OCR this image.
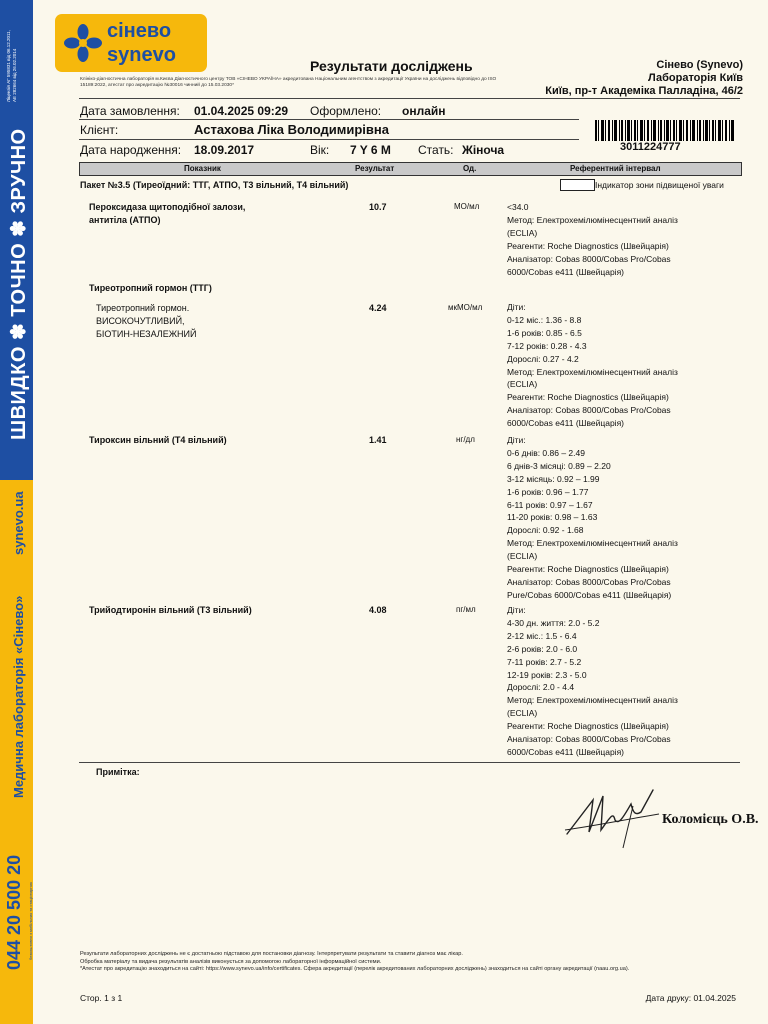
Ліцензія АГ 595831 від 06.12.2011,
АЕ 282664 від 26.02.2014
ШВИДКО ✽ ТОЧНО ✽ ЗРУЧНО
synevo.ua
Медична лабораторія «Сінево»
044 20 500 20 безкоштовно з мобільних та стаціонарних
сінево
synevo	Результати досліджень
Клініко-діагностична лабораторія м.Києва Діагностичного центру ТОВ «СІНЕВО УКРАЇНА» акредитована Національним агентством з акредитації України на досліджень відповідно до ISO 15189:2022, атестат про акредитацію №30016 чинний до 15.03.2030*
Сінево (Synevo)
Лабораторія Київ
Київ, пр-т Академіка Палладіна, 46/2
Дата замовлення: 01.04.2025 09:29 Оформлено: онлайн
Клієнт:	Астахова Ліка Володимирівна
Дата народження: 18.09.2017	Вік: 7 Y 6 M Стать: Жіноча	3011224777
Показник	Результат	Од.	Референтний інтервал
Пакет №3.5 (Тиреоїдний: ТТГ, АТПО, Т3 вільний, Т4 вільний)	Індикатор зони підвищеної уваги
Пероксидаза щитоподібної залози,
антитіла (АТПО)
10.7	МО/мл	<34.0
Метод: Електрохемілюмінесцентний аналіз
(ECLIA)
Реагенти: Roche Diagnostics (Швейцарія)
Аналізатор: Cobas 8000/Cobas Pro/Cobas
6000/Cobas e411 (Швейцарія)
Тиреотропний гормон (ТТГ)
Тиреотропний гормон.
ВИСОКОЧУТЛИВИЙ,
БІОТИН-НЕЗАЛЕЖНИЙ
4.24	мкМО/мл	Діти:
0-12 міс.: 1.36 - 8.8
1-6 років: 0.85 - 6.5
7-12 років: 0.28 - 4.3
Дорослі: 0.27 - 4.2
Метод: Електрохемілюмінесцентний аналіз
(ECLIA)
Реагенти: Roche Diagnostics (Швейцарія)
Аналізатор: Cobas 8000/Cobas Pro/Cobas
6000/Cobas e411 (Швейцарія)
Тироксин вільний (Т4 вільний)	1.41	нг/дл	Діти:
0-6 днів: 0.86 – 2.49
6 днів-3 місяці: 0.89 – 2.20
3-12 місяць: 0.92 – 1.99
1-6 років: 0.96 – 1.77
6-11 років: 0.97 – 1.67
11-20 років: 0.98 – 1.63
Дорослі: 0.92 - 1.68
Метод: Електрохемілюмінесцентний аналіз
(ECLIA)
Реагенти: Roche Diagnostics (Швейцарія)
Аналізатор: Cobas 8000/Cobas Pro/Cobas
Pure/Cobas 6000/Cobas e411 (Швейцарія)
Трийодтиронін вільний (Т3 вільний)	4.08	пг/мл	Діти:
4-30 дн. життя: 2.0 - 5.2
2-12 міс.: 1.5 - 6.4
2-6 років: 2.0 - 6.0
7-11 років: 2.7 - 5.2
12-19 років: 2.3 - 5.0
Дорослі: 2.0 - 4.4
Метод: Електрохемілюмінесцентний аналіз
(ECLIA)
Реагенти: Roche Diagnostics (Швейцарія)
Аналізатор: Cobas 8000/Cobas Pro/Cobas
6000/Cobas e411 (Швейцарія)
Примітка:
Коломієць О.В.
Результати лабораторних досліджень не є достатньою підставою для постановки діагнозу. Інтерпретувати результати та ставити діагноз має лікар.
Обробка матеріалу та видача результатів аналізів виконується за допомогою лабораторної інформаційної системи.
*Атестат про акредитацію знаходиться на сайті: https://www.synevo.ua/info/certificates. Сфера акредитації (перелік акредитованих лабораторних досліджень) знаходиться на сайті органу акредитації (naau.org.ua).
Стор. 1 з 1	Дата друку: 01.04.2025
